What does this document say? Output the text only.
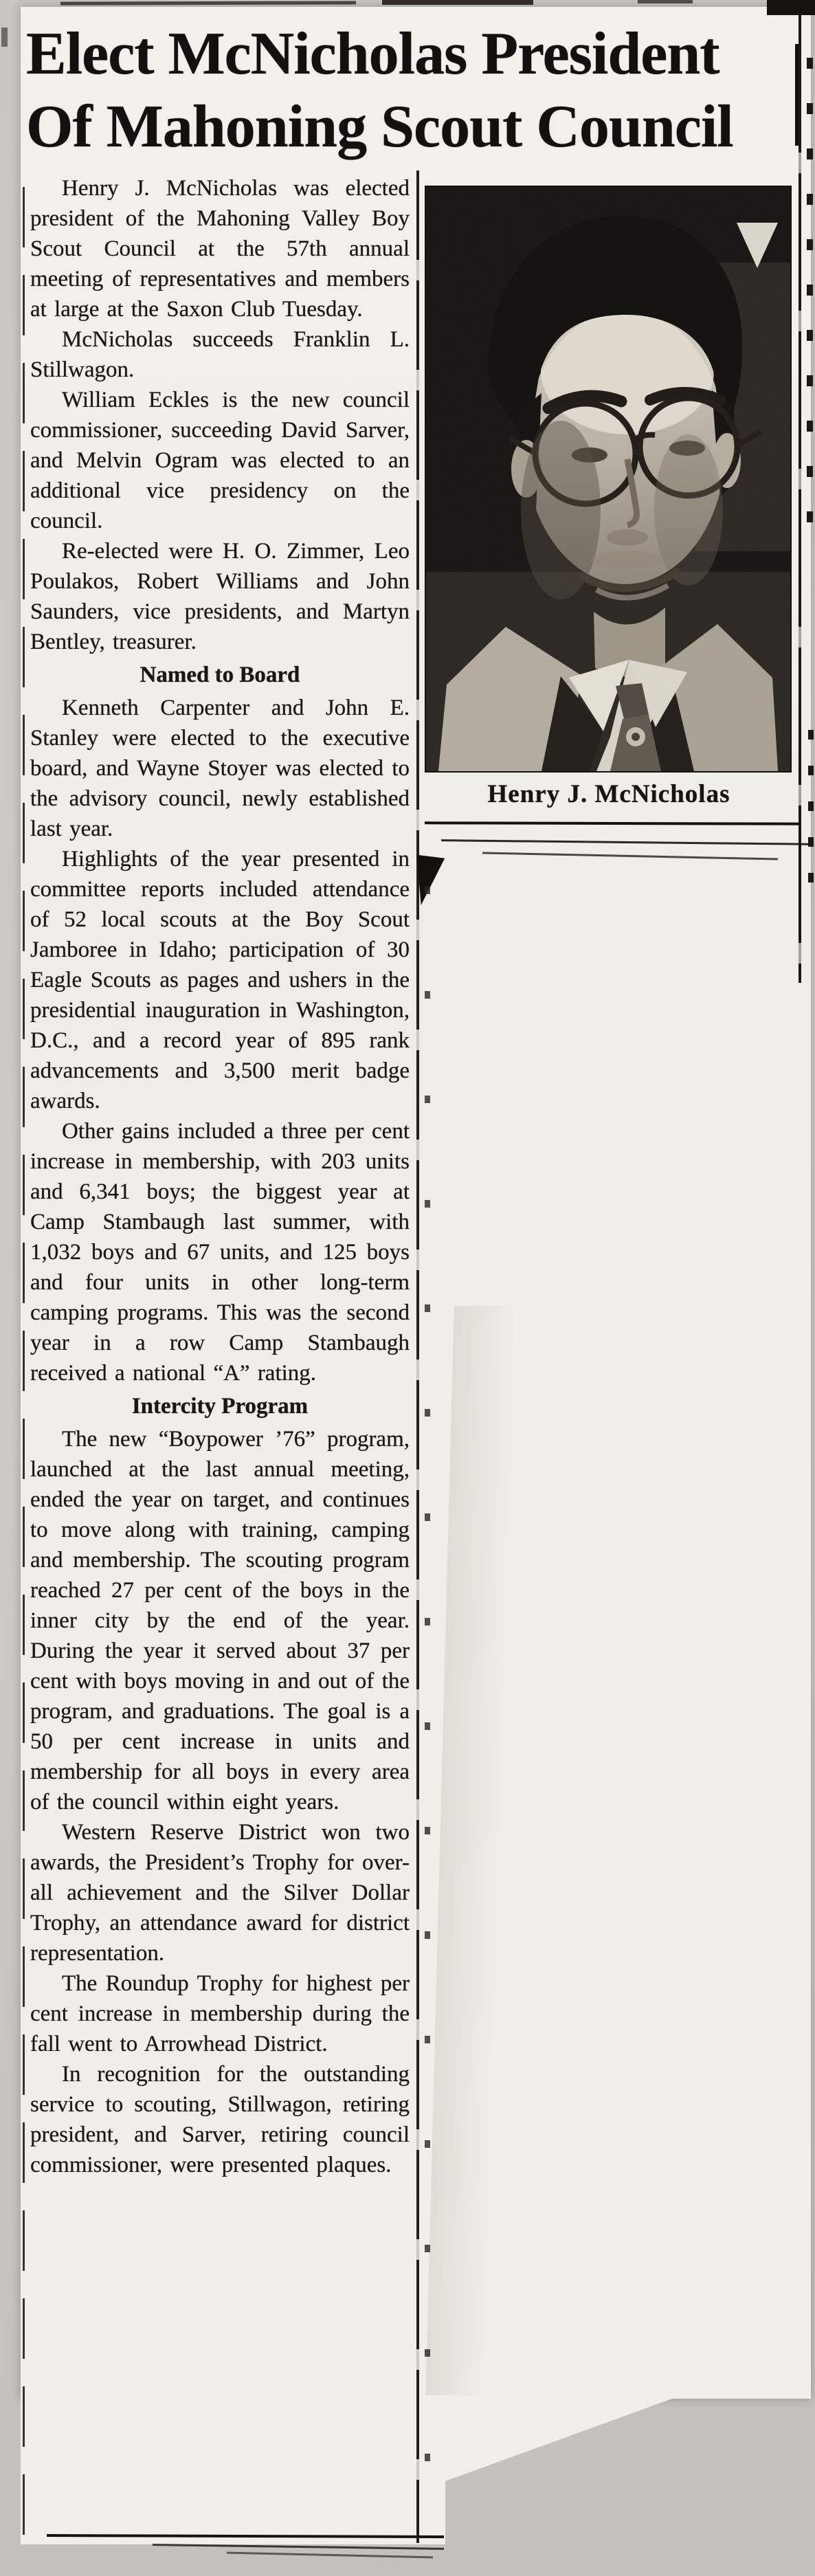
Elect McNicholas President
Of Mahoning Scout Council

Henry J. McNicholas was elected president of the Mahoning Valley Boy Scout Council at the 57th annual meeting of representatives and members at large at the Saxon Club Tuesday.

McNicholas succeeds Franklin L. Stillwagon.

William Eckles is the new council commissioner, succeeding David Sarver, and Melvin Ogram was elected to an additional vice presidency on the council.

Re-elected were H. O. Zimmer, Leo Poulakos, Robert Williams and John Saunders, vice presidents, and Martyn Bentley, treasurer.

Named to Board

Kenneth Carpenter and John E. Stanley were elected to the executive board, and Wayne Stoyer was elected to the advisory council, newly established last year.

Highlights of the year presented in committee reports included attendance of 52 local scouts at the Boy Scout Jamboree in Idaho; participation of 30 Eagle Scouts as pages and ushers in the presidential inauguration in Washington, D.C., and a record year of 895 rank advancements and 3,500 merit badge awards.

Other gains included a three per cent increase in membership, with 203 units and 6,341 boys; the biggest year at Camp Stambaugh last summer, with 1,032 boys and 67 units, and 125 boys and four units in other long-term camping programs. This was the second year in a row Camp Stambaugh received a national “A” rating.

Intercity Program

The new “Boypower ’76” program, launched at the last annual meeting, ended the year on target, and continues to move along with training, camping and membership. The scouting program reached 27 per cent of the boys in the inner city by the end of the year. During the year it served about 37 per cent with boys moving in and out of the program, and graduations. The goal is a 50 per cent increase in units and membership for all boys in every area of the council within eight years.

Western Reserve District won two awards, the President’s Trophy for over-all achievement and the Silver Dollar Trophy, an attendance award for district representation.

The Roundup Trophy for highest per cent increase in membership during the fall went to Arrowhead District.

In recognition for the outstanding service to scouting, Stillwagon, retiring president, and Sarver, retiring council commissioner, were presented plaques.

Henry J. McNicholas
